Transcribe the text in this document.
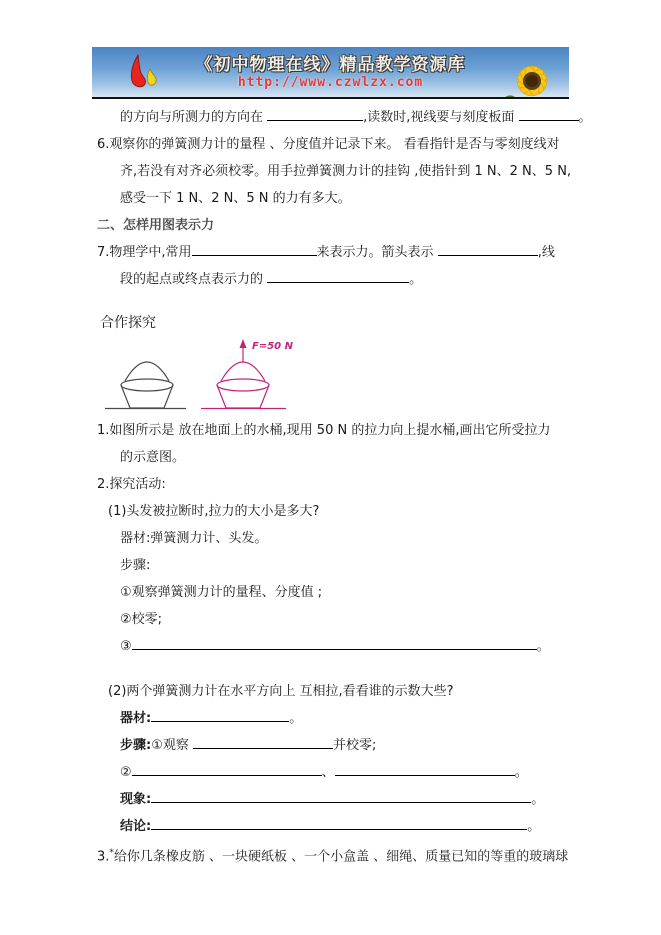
《初中物理在线》精品教学资源库
http://www.czwlzx.com
的方向与所测力的方向在	,读数时,视线要与刻度板面	。
6.观察你的弹簧测力计的量程 、分度值并记录下来。 看看指针是否与零刻度线对
齐,若没有对齐必须校零。用手拉弹簧测力计的挂钩 ,使指针到 1 N、2 N、5 N,
感受一下 1 N、2 N、5 N 的力有多大。
二、怎样用图表示力
7.物理学中,常用	来表示力。箭头表示	,线
段的起点或终点表示力的	。
合作探究
F=50 N
1.如图所示是 放在地面上的水桶,现用 50 N 的拉力向上提水桶,画出它所受拉力
的示意图。
2.探究活动:
(1)头发被拉断时,拉力的大小是多大?
器材:弹簧测力计、头发。
步骤:
①观察弹簧测力计的量程、分度值 ;
②校零;
③	。
(2)两个弹簧测力计在水平方向上 互相拉,看看谁的示数大些?
器材:	。
步骤:①观察	并校零;
②	、	。
现象:	。
结论:	。
3.*给你几条橡皮筋 、一块硬纸板 、一个小盒盖 、细绳、质量已知的等重的玻璃球
